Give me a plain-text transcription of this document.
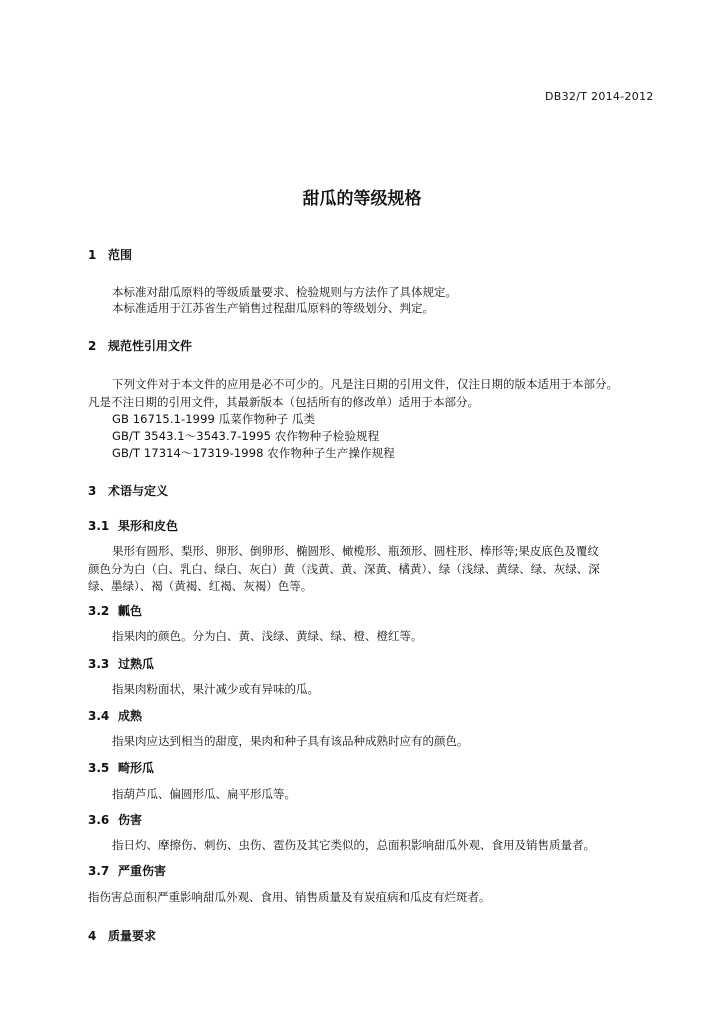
DB32/T 2014-2012
甜瓜的等级规格
1 范围
本标准对甜瓜原料的等级质量要求、检验规则与方法作了具体规定。
本标准适用于江苏省生产销售过程甜瓜原料的等级划分、判定。
2 规范性引用文件
下列文件对于本文件的应用是必不可少的。凡是注日期的引用文件，仅注日期的版本适用于本部分。
凡是不注日期的引用文件，其最新版本（包括所有的修改单）适用于本部分。
GB 16715.1-1999 瓜菜作物种子 瓜类
GB/T 3543.1～3543.7-1995 农作物种子检验规程
GB/T 17314～17319-1998 农作物种子生产操作规程
3 术语与定义
3.1 果形和皮色
果形有圆形、梨形、卵形、倒卵形、椭圆形、橄榄形、瓶颈形、圆柱形、棒形等;果皮底色及覆纹
颜色分为白（白、乳白、绿白、灰白）黄（浅黄、黄、深黄、橘黄）、绿（浅绿、黄绿、绿、灰绿、深
绿、墨绿）、褐（黄褐、红褐、灰褐）色等。
3.2 瓤色
指果肉的颜色。分为白、黄、浅绿、黄绿、绿、橙、橙红等。
3.3 过熟瓜
指果肉粉面状，果汁减少或有异味的瓜。
3.4 成熟
指果肉应达到相当的甜度，果肉和种子具有该品种成熟时应有的颜色。
3.5 畸形瓜
指葫芦瓜、偏圆形瓜、扁平形瓜等。
3.6 伤害
指日灼、摩擦伤、刺伤、虫伤、雹伤及其它类似的，总面积影响甜瓜外观、食用及销售质量者。
3.7 严重伤害
指伤害总面积严重影响甜瓜外观、食用、销售质量及有炭疽病和瓜皮有烂斑者。
4 质量要求
